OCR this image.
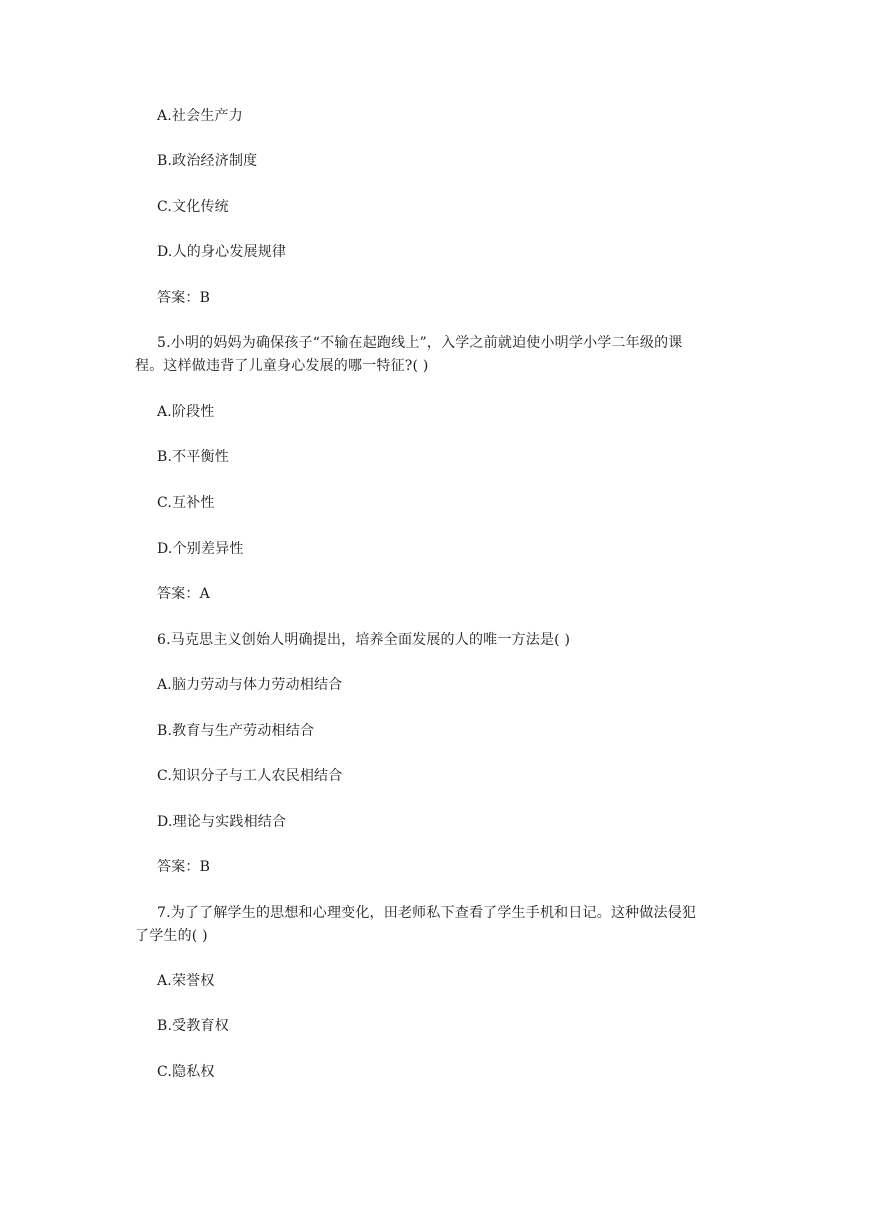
A.社会生产力
B.政治经济制度
C.文化传统
D.人的身心发展规律
答案：B
5.小明的妈妈为确保孩子“不输在起跑线上”，入学之前就迫使小明学小学二年级的课
程。这样做违背了儿童身心发展的哪一特征?( )
A.阶段性
B.不平衡性
C.互补性
D.个别差异性
答案：A
6.马克思主义创始人明确提出，培养全面发展的人的唯一方法是( )
A.脑力劳动与体力劳动相结合
B.教育与生产劳动相结合
C.知识分子与工人农民相结合
D.理论与实践相结合
答案：B
7.为了了解学生的思想和心理变化，田老师私下查看了学生手机和日记。这种做法侵犯
了学生的( )
A.荣誉权
B.受教育权
C.隐私权
